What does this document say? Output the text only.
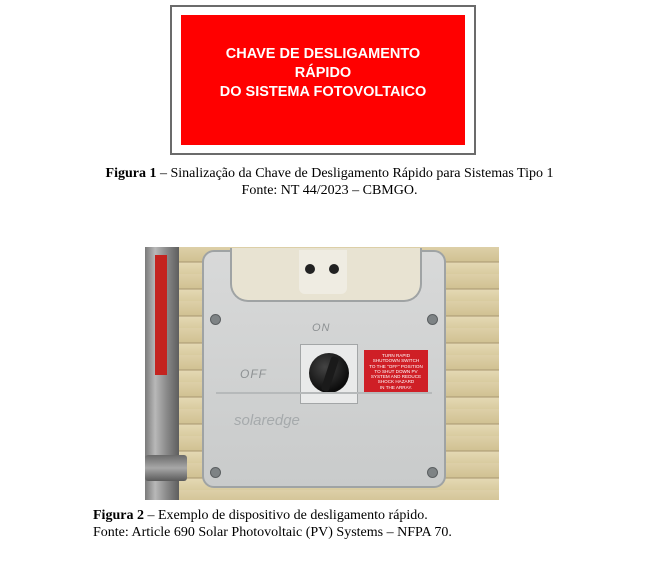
CHAVE DE DESLIGAMENTO
RÁPIDO
DO SISTEMA FOTOVOLTAICO
Figura 1 – Sinalização da Chave de Desligamento Rápido para Sistemas Tipo 1
Fonte: NT 44/2023 – CBMGO.
ON
OFF
TURN RAPID
SHUTDOWN SWITCH
TO THE "OFF" POSITION
TO SHUT DOWN PV
SYSTEM AND REDUCE
SHOCK HAZARD
IN THE ARRAY.
solaredge
Figura 2 – Exemplo de dispositivo de desligamento rápido.
Fonte: Article 690 Solar Photovoltaic (PV) Systems – NFPA 70.
